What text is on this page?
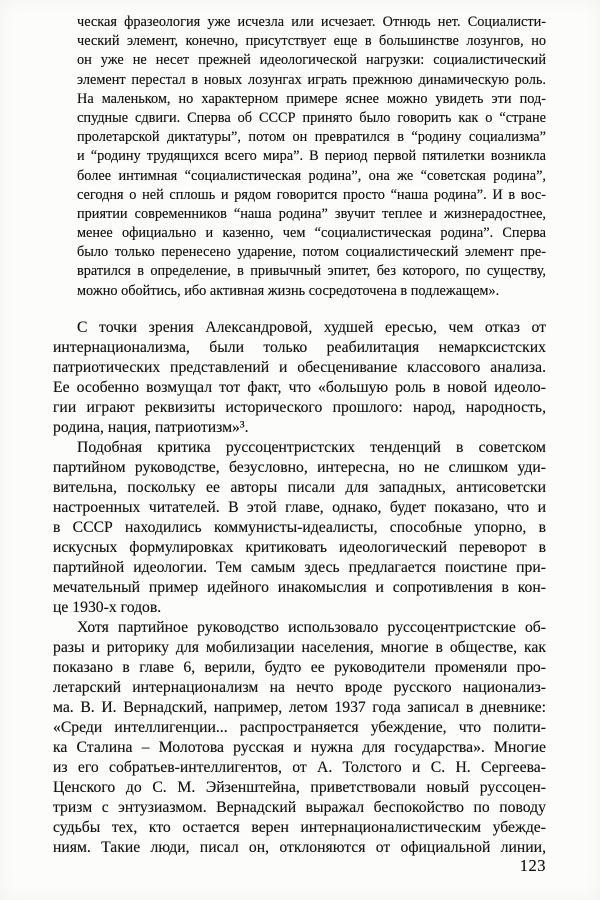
ческая фразеология уже исчезла или исчезает. Отнюдь нет. Социалисти-
ческий элемент, конечно, присутствует еще в большинстве лозунгов, но
он уже не несет прежней идеологической нагрузки: социалистический
элемент перестал в новых лозунгах играть прежнюю динамическую роль.
На маленьком, но характерном примере яснее можно увидеть эти под-
спудные сдвиги. Сперва об СССР принято было говорить как о “стране
пролетарской диктатуры”, потом он превратился в “родину социализма”
и “родину трудящихся всего мира”. В период первой пятилетки возникла
более интимная “социалистическая родина”, она же “советская родина”,
сегодня о ней сплошь и рядом говорится просто “наша родина”. И в вос-
приятии современников “наша родина” звучит теплее и жизнерадостнее,
менее официально и казенно, чем “социалистическая родина”. Сперва
было только перенесено ударение, потом социалистический элемент пре-
вратился в определение, в привычный эпитет, без которого, по существу,
можно обойтись, ибо активная жизнь сосредоточена в подлежащем».
С точки зрения Александровой, худшей ересью, чем отказ от
интернационализма, были только реабилитация немарксистских
патриотических представлений и обесценивание классового анализа.
Ее особенно возмущал тот факт, что «большую роль в новой идеоло-
гии играют реквизиты исторического прошлого: народ, народность,
родина, нация, патриотизм»³.
Подобная критика руссоцентристских тенденций в советском
партийном руководстве, безусловно, интересна, но не слишком уди-
вительна, поскольку ее авторы писали для западных, антисоветски
настроенных читателей. В этой главе, однако, будет показано, что и
в СССР находились коммунисты-идеалисты, способные упорно, в
искусных формулировках критиковать идеологический переворот в
партийной идеологии. Тем самым здесь предлагается поистине при-
мечательный пример идейного инакомыслия и сопротивления в кон-
це 1930-х годов.
Хотя партийное руководство использовало руссоцентристские об-
разы и риторику для мобилизации населения, многие в обществе, как
показано в главе 6, верили, будто ее руководители променяли про-
летарский интернационализм на нечто вроде русского национализ-
ма. В. И. Вернадский, например, летом 1937 года записал в дневнике:
«Среди интеллигенции... распространяется убеждение, что полити-
ка Сталина – Молотова русская и нужна для государства». Многие
из его собратьев-интеллигентов, от А. Толстого и С. Н. Сергеева-
Ценского до С. М. Эйзенштейна, приветствовали новый руссоцен-
тризм с энтузиазмом. Вернадский выражал беспокойство по поводу
судьбы тех, кто остается верен интернационалистическим убежде-
ниям. Такие люди, писал он, отклоняются от официальной линии,
123
